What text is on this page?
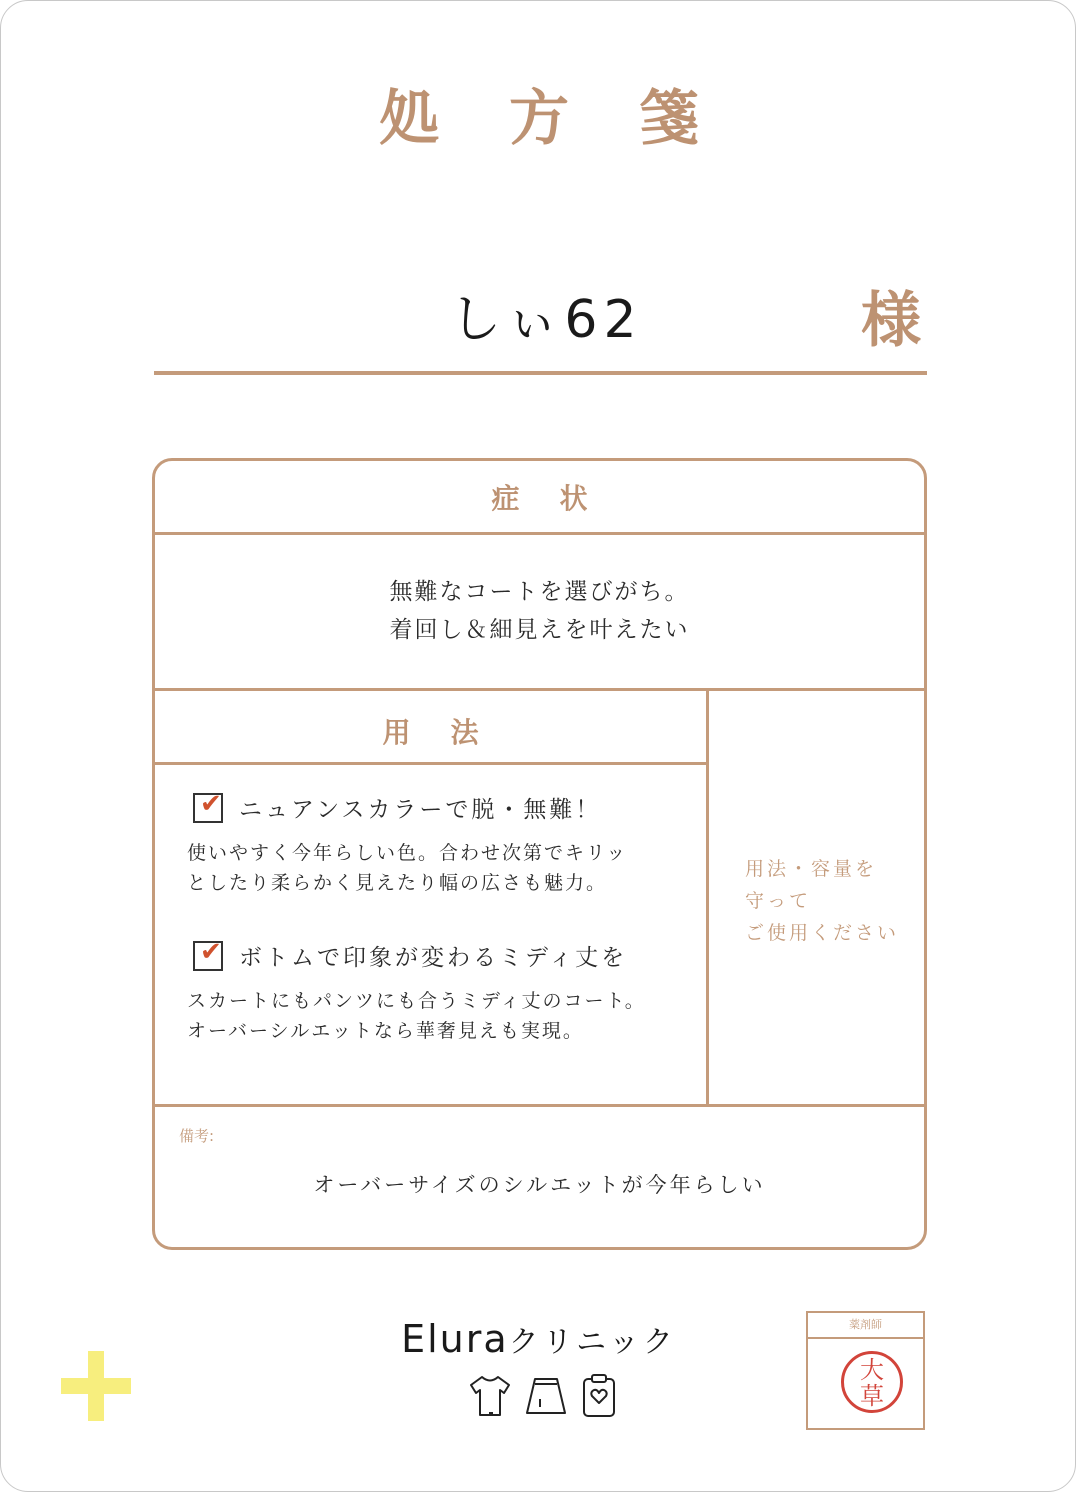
処方箋
しぃ62	様
症状
無難なコートを選びがち。
着回し＆細見えを叶えたい
用法
✔ ニュアンスカラーで脱・無難！
使いやすく今年らしい色。合わせ次第でキリッ
としたり柔らかく見えたり幅の広さも魅力。
✔ ボトムで印象が変わるミディ丈を
スカートにもパンツにも合うミディ丈のコート。
オーバーシルエットなら華奢見えも実現。
用法・容量を
守って
ご使用ください
備考:
オーバーサイズのシルエットが今年らしい
Eluraクリニック
薬剤師
大
草
